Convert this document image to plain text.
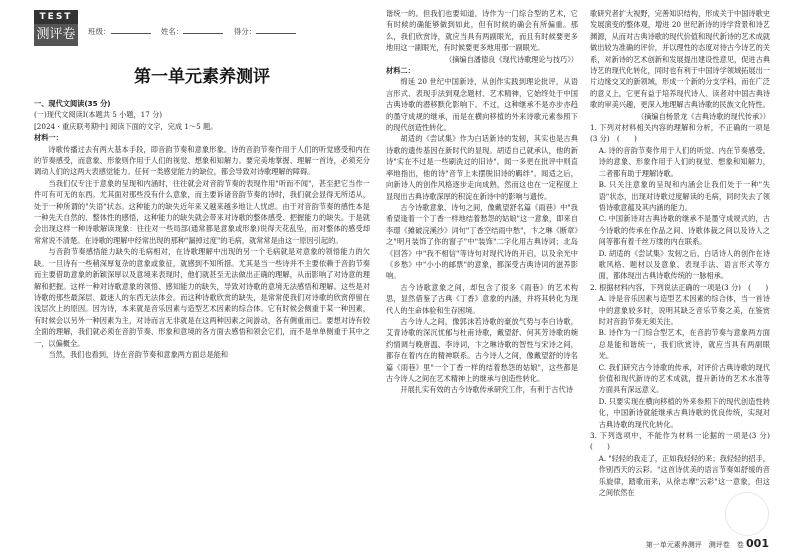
TEST
测评卷	班级：	姓名：	得分：
第一单元素养测评

一、现代文阅读(35 分)

(一)现代文阅读Ⅰ(本题共 5 小题，17 分)

[2024 · 重庆联考期中] 阅读下面的文字，完成 1～5 题。

材料一：

诗歌传播过去有两大基本手段，即音韵节奏和意象形象。诗的音韵节奏作用于人们的听觉感受和内在的节奏感受，而意象、形象则作用于人们的视觉、想象和知解力。要完美地掌握、理解一首诗，必须充分调动人们的这两大表感觉能力。任何一类感觉能力的缺位，都会导致对诗歌理解的障碍。

当我们仅专注于意象的呈现和内涵时，往往就会对音韵节奏的表现作用"听而不闻"，甚至把它当作一件可有可无的东西。尤其面对那些没有什么意象，而主要诉诸音韵节奏的诗时，我们就会显得无所适从，处于一种所谓的"失语"状态。这种能力的缺失近年来又越来越多地让人忧虑。由于对音韵节奏的感性本是一种先天自然的、整体性的感悟，这种能力的缺失就会带来对诗歌的整体感受、把握能力的缺失。于是就会出现这样一种诗歌解读现象：往往对一些局部(通常都是意象或形象)说得天花乱坠，而对整体的感受却常常说不清楚。在诗歌的理解中经常出现的那种"漏掉过度"的毛病，就常常是由这一原因引起的。

与音韵节奏感悟能力缺失的毛病相对，在诗歌理解中出现的另一个毛病就是对意象的领悟能力的欠缺。一旦诗有一些稍深厚复杂的意象或象征，就感到不知所措。尤其是当一些诗并不主要依赖于音韵节奏而主要借助意象的新颖深厚以及意境来表现时，他们就甚至无法做出正确的理解，从而影响了对诗意的理解和把握。这样一种对诗歌意象的领悟、感知能力的缺失，导致对诗歌的意境无法感悟和理解。这些是对诗歌的那些最深层、最迷人的东西无法体会。而这种诗歌欣赏的缺失，是常常使我们对诗歌的欣赏停留在浅层次上的原因。因为诗，本来就是音乐因素与造型艺术因素的综合体。它有时候会侧重于某一种因素，有时候会以另外一种因素为主，对诗而言无非就是在这两种因素之间游动，各有侧重而已。要想对诗有较全面的理解，我们就必须在音韵节奏、形象和意境的各方面去感悟和领会它们，而不是单单侧重于其中之一，以偏概全。

当然，我们也看到，诗在音韵节奏和意象两方面总是能和

谐统一的。但我们也要知道，诗作为一门综合型的艺术，它有时候的确能够做到如此，但有时候的确会有所偏重。那么，我们欣赏诗，就应当具有两副眼光，而且有时候要更多地用这一副眼光，有时候要更多地用那一副眼光。

（摘编自潘德良《现代诗歌理论与技巧》）

材料二：

绵延 20 世纪中国新诗，从创作实践到理论批评，从语言形式、表现手法到观念题材、艺术精神，它始终处于中国古典诗歌的潜移默化影响下。不过，这种继承不是亦步亦趋的墨守成规的继承，而是在横向移植的外来诗歌元素参照下的现代创造性转化。

胡适的《尝试集》作为白话新诗的发轫，其实也是古典诗歌的遗传基因在新时代的显现。胡适自己就承认，他的新诗"实在不过是一些刷洗过的旧诗"。闻一多更在批评中则直率地指出，他的诗"音节上未摆脱旧诗的羁绊"。闻适之后，向新诗人的创作风格逐步走向成熟，然而这也在一定程度上显现出古典诗歌深厚的积淀在新诗中的影响与遗传。

古今诗歌意象、诗句之间，像戴望舒名篇《雨巷》中"我希望逢着一个丁香一样地结着愁怨的姑娘"这一意象，即来自李璟《摊破浣溪沙》词句"丁香空结雨中愁"，卞之琳《断章》之"明月装饰了你的窗子"中"装饰"二字化用古典诗词；北岛《回答》中"我不相信"等诗句对现代诗的开启，以及余光中《乡愁》中"小小的邮票"的意象，都深受古典诗词的滋养影响。

古今诗歌意象之间，却包含了很多《雨巷》的艺术构思，显然借鉴了古典《丁香》意象的内涵，并将其转化为现代人的生命体验和生存困境。

古今诗人之间，像郭沫若诗歌的豪放气势与李白诗歌，艾青诗歌的深沉忧郁与杜甫诗歌，戴望舒、何其芳诗歌的婉约情调与晚唐温、李诗词，卞之琳诗歌的智性与宋诗之间，都存在着内在的精神联系。古今诗人之间，像戴望舒的诗名篇《雨巷》里"一个丁香一样的结着愁怨的姑娘"，这些都是古今诗人之间在艺术精神上的继承与创造性转化。

开展扎实有效的古今诗歌传承研究工作，有利于古代诗

歌研究者扩大视野，完善知识结构，形成关于中国诗歌史发展演变的整体观，增进 20 世纪新诗的诗学背景和诗艺渊源，从而对古典诗歌的现代价值和现代新诗的艺术成就做出较为准确的评价，并以理性的态度对待古今诗艺的关系，对新诗的艺术创新和发展提出建设性意见，促进古典诗艺的现代化转化，同时也有利于中国诗学领域拓展出一片边缘交叉的新领域，形成一个新的分支学科，而在广泛的意义上，它更有益于培养现代诗人、读者对中国古典诗歌的审美兴趣，更深入地理解古典诗歌的民族文化特性。

（摘编自杨景龙《古典诗歌的现代传承》）

1. 下列对材料相关内容的理解和分析，不正确的一项是(3 分)　(　　)

A. 诗的音韵节奏作用于人们的听觉、内在节奏感受，诗的意象、形象作用于人们的视觉、想象和知解力，二者都有助于理解诗歌。

B. 只关注意象的呈现和内涵会让我们处于一种"失语"状态，出现对诗歌过度解读的毛病，同时失去了领悟诗歌意蕴及其内涵的能力。

C. 中国新诗对古典诗歌的继承不是墨守成规式的，古今诗歌的传承在作品之间、诗歌体裁之间以及诗人之间等都有着千丝万缕的内在联系。

D. 胡适的《尝试集》发轫之后，白话诗人的创作在诗歌风格、题材以及意象、表现手法、语言形式等方面，都体现出古典诗歌传统的一脉相承。

2. 根据材料内容，下列说法正确的一项是(3 分)　(　　)

A. 诗是音乐因素与造型艺术因素的综合体，当一首诗中的意象较多时，说明其缺乏音乐节奏之美，在鉴赏时对音韵节奏无须关注。

B. 诗作为一门综合型艺术，在音韵节奏与意象两方面总是能和谐统一，我们欣赏诗，就应当具有两副眼光。

C. 我们研究古今诗歌的传承，对评价古典诗歌的现代价值和现代新诗的艺术成就，提升新诗的艺术水准等方面具有深远意义。

D. 只要实现在横向移植的外来参照下的现代创造性转化，中国新诗就能继承古典诗歌的优良传统，实现对古典诗歌的现代化转化。

3. 下列选项中，不能作为材料一论据的一项是(3 分)　(　　)

A. "轻轻的我走了，正如我轻轻的来；我轻轻的招手，作别西天的云彩。"这首诗优美的语言节奏如舒缓的音乐旋律，踏歌而来，从徐志摩"云彩"这一意象，但这之间依然在

第一单元素养测评　测评卷　卷 001
